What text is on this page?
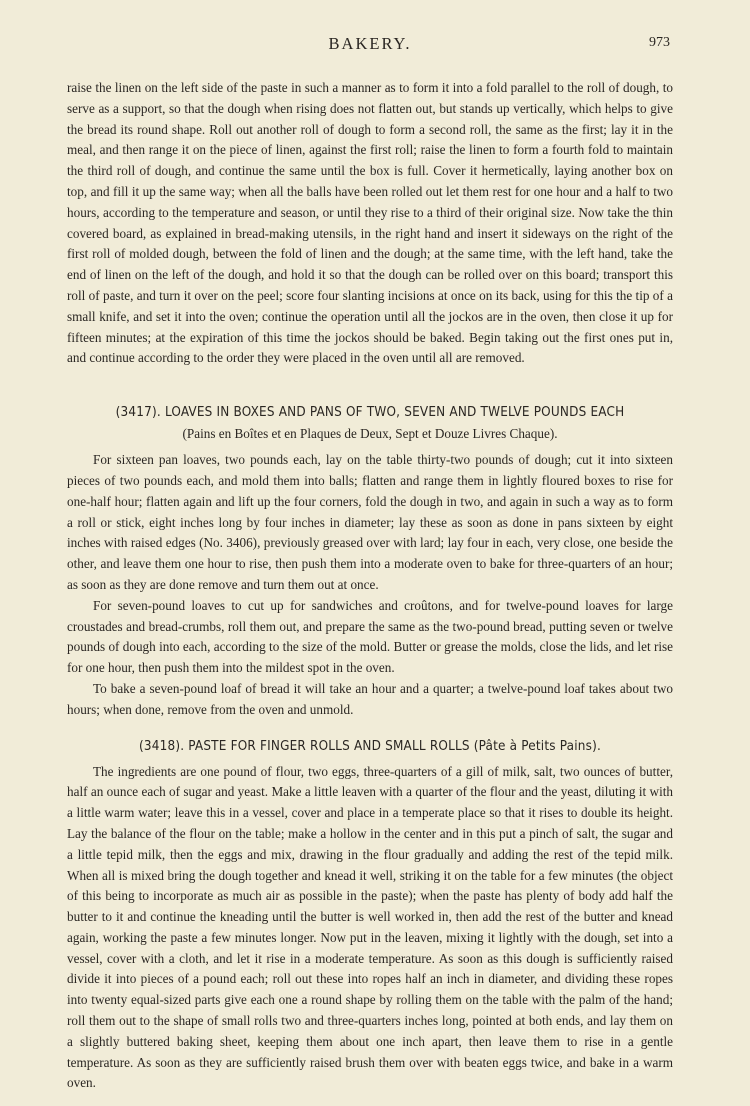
BAKERY.	973

raise the linen on the left side of the paste in such a manner as to form it into a fold parallel to the roll of dough, to serve as a support, so that the dough when rising does not flatten out, but stands up vertically, which helps to give the bread its round shape. Roll out another roll of dough to form a second roll, the same as the first; lay it in the meal, and then range it on the piece of linen, against the first roll; raise the linen to form a fourth fold to maintain the third roll of dough, and continue the same until the box is full. Cover it hermetically, laying another box on top, and fill it up the same way; when all the balls have been rolled out let them rest for one hour and a half to two hours, according to the temperature and season, or until they rise to a third of their original size. Now take the thin covered board, as explained in bread-making utensils, in the right hand and insert it sideways on the right of the first roll of molded dough, between the fold of linen and the dough; at the same time, with the left hand, take the end of linen on the left of the dough, and hold it so that the dough can be rolled over on this board; transport this roll of paste, and turn it over on the peel; score four slanting incisions at once on its back, using for this the tip of a small knife, and set it into the oven; continue the operation until all the jockos are in the oven, then close it up for fifteen minutes; at the expiration of this time the jockos should be baked. Begin taking out the first ones put in, and continue according to the order they were placed in the oven until all are removed.

(3417). LOAVES IN BOXES AND PANS OF TWO, SEVEN AND TWELVE POUNDS EACH
(Pains en Boîtes et en Plaques de Deux, Sept et Douze Livres Chaque).

For sixteen pan loaves, two pounds each, lay on the table thirty-two pounds of dough; cut it into sixteen pieces of two pounds each, and mold them into balls; flatten and range them in lightly floured boxes to rise for one-half hour; flatten again and lift up the four corners, fold the dough in two, and again in such a way as to form a roll or stick, eight inches long by four inches in diameter; lay these as soon as done in pans sixteen by eight inches with raised edges (No. 3406), previously greased over with lard; lay four in each, very close, one beside the other, and leave them one hour to rise, then push them into a moderate oven to bake for three-quarters of an hour; as soon as they are done remove and turn them out at once.

For seven-pound loaves to cut up for sandwiches and croûtons, and for twelve-pound loaves for large croustades and bread-crumbs, roll them out, and prepare the same as the two-pound bread, putting seven or twelve pounds of dough into each, according to the size of the mold. Butter or grease the molds, close the lids, and let rise for one hour, then push them into the mildest spot in the oven.

To bake a seven-pound loaf of bread it will take an hour and a quarter; a twelve-pound loaf takes about two hours; when done, remove from the oven and unmold.

(3418). PASTE FOR FINGER ROLLS AND SMALL ROLLS (Pâte à Petits Pains).

The ingredients are one pound of flour, two eggs, three-quarters of a gill of milk, salt, two ounces of butter, half an ounce each of sugar and yeast. Make a little leaven with a quarter of the flour and the yeast, diluting it with a little warm water; leave this in a vessel, cover and place in a temperate place so that it rises to double its height. Lay the balance of the flour on the table; make a hollow in the center and in this put a pinch of salt, the sugar and a little tepid milk, then the eggs and mix, drawing in the flour gradually and adding the rest of the tepid milk. When all is mixed bring the dough together and knead it well, striking it on the table for a few minutes (the object of this being to incorporate as much air as possible in the paste); when the paste has plenty of body add half the butter to it and continue the kneading until the butter is well worked in, then add the rest of the butter and knead again, working the paste a few minutes longer. Now put in the leaven, mixing it lightly with the dough, set into a vessel, cover with a cloth, and let it rise in a moderate temperature. As soon as this dough is sufficiently raised divide it into pieces of a pound each; roll out these into ropes half an inch in diameter, and dividing these ropes into twenty equal-sized parts give each one a round shape by rolling them on the table with the palm of the hand; roll them out to the shape of small rolls two and three-quarters inches long, pointed at both ends, and lay them on a slightly buttered baking sheet, keeping them about one inch apart, then leave them to rise in a gentle temperature. As soon as they are sufficiently raised brush them over with beaten eggs twice, and bake in a warm oven.
